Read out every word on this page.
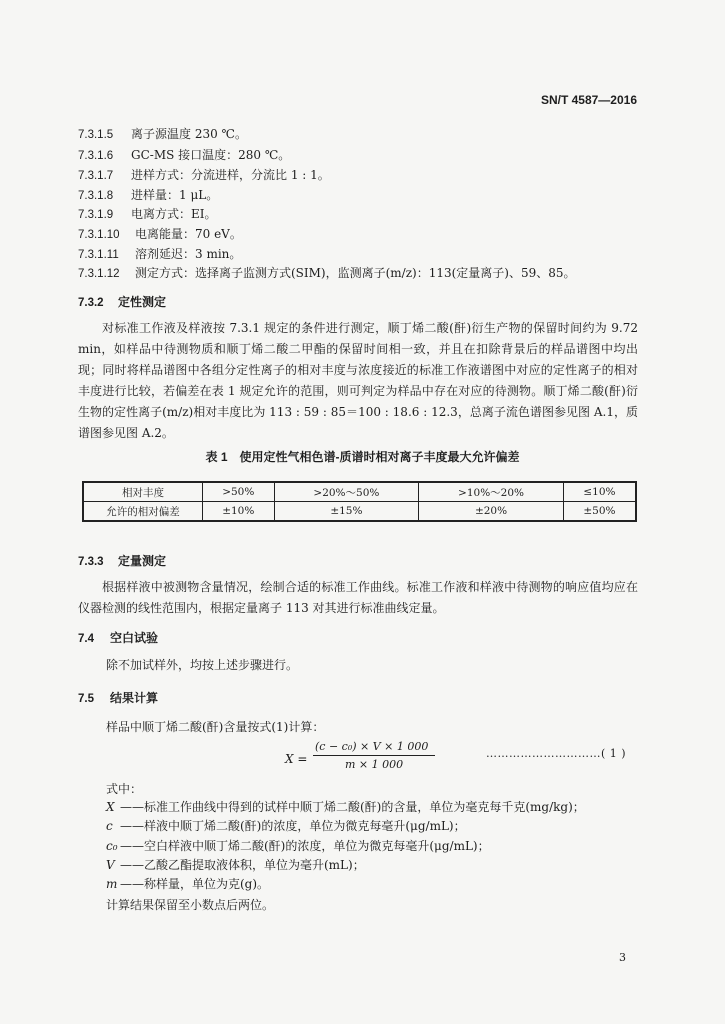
SN/T 4587—2016
7.3.1.5 离子源温度 230 ℃。
7.3.1.6 GC-MS 接口温度：280 ℃。
7.3.1.7 进样方式：分流进样，分流比 1 : 1。
7.3.1.8 进样量：1 μL。
7.3.1.9 电离方式：EI。
7.3.1.10 电离能量：70 eV。
7.3.1.11 溶剂延迟：3 min。
7.3.1.12 测定方式：选择离子监测方式(SIM)，监测离子(m/z)：113(定量离子)、59、85。
7.3.2 定性测定

对标准工作液及样液按 7.3.1 规定的条件进行测定，顺丁烯二酸(酐)衍生产物的保留时间约为 9.72 min，如样品中待测物质和顺丁烯二酸二甲酯的保留时间相一致，并且在扣除背景后的样品谱图中均出现；同时将样品谱图中各组分定性离子的相对丰度与浓度接近的标准工作液谱图中对应的定性离子的相对丰度进行比较，若偏差在表 1 规定允许的范围，则可判定为样品中存在对应的待测物。顺丁烯二酸(酐)衍生物的定性离子(m/z)相对丰度比为 113 : 59 : 85＝100 : 18.6 : 12.3，总离子流色谱图参见图 A.1，质谱图参见图 A.2。

表 1　使用定性气相色谱-质谱时相对离子丰度最大允许偏差
相对丰度	>50%	>20%～50%	>10%～20%	≤10%
允许的相对偏差	±10%	±15%	±20%	±50%
7.3.3 定量测定

根据样液中被测物含量情况，绘制合适的标准工作曲线。标准工作液和样液中待测物的响应值均应在仪器检测的线性范围内，根据定量离子 113 对其进行标准曲线定量。

7.4 空白试验
除不加试样外，均按上述步骤进行。
7.5 结果计算
样品中顺丁烯二酸(酐)含量按式(1)计算：
X =
(c − c₀) × V × 1 000
m × 1 000
…………………………( 1 )
式中：
X ——标准工作曲线中得到的试样中顺丁烯二酸(酐)的含量，单位为毫克每千克(mg/kg)；
c ——样液中顺丁烯二酸(酐)的浓度，单位为微克每毫升(μg/mL)；
c₀ ——空白样液中顺丁烯二酸(酐)的浓度，单位为微克每毫升(μg/mL)；
V ——乙酸乙酯提取液体积，单位为毫升(mL)；
m ——称样量，单位为克(g)。
计算结果保留至小数点后两位。
3
